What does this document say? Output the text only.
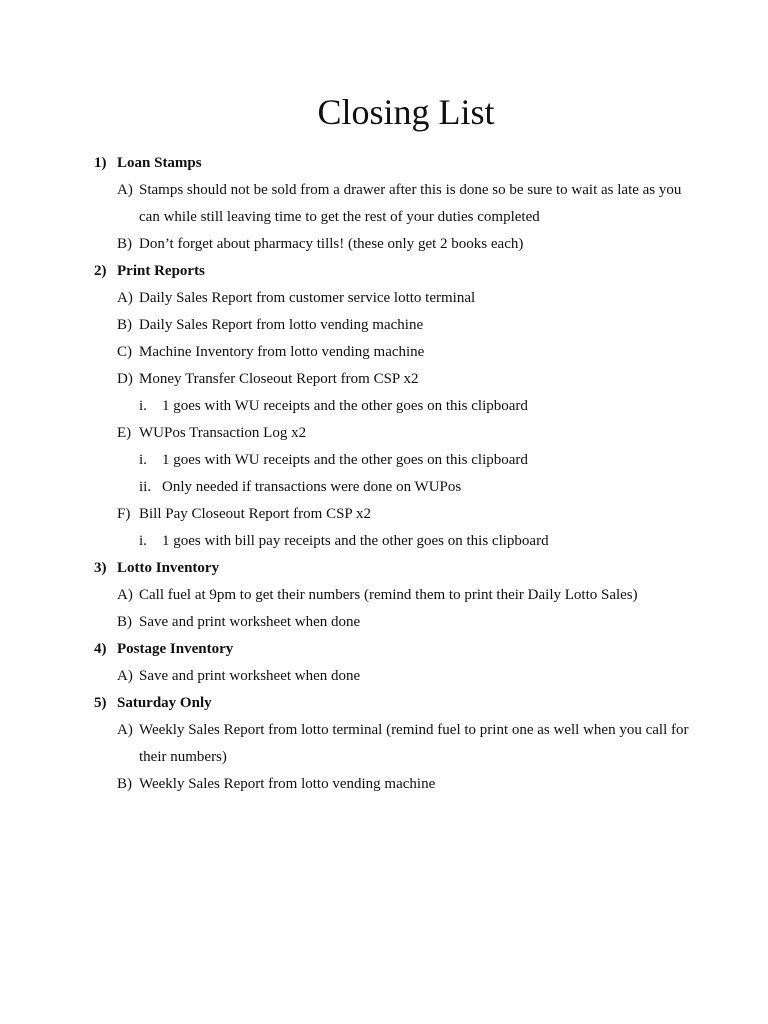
Closing List
1) Loan Stamps
A) Stamps should not be sold from a drawer after this is done so be sure to wait as late as you can while still leaving time to get the rest of your duties completed
B) Don’t forget about pharmacy tills! (these only get 2 books each)
2) Print Reports
A) Daily Sales Report from customer service lotto terminal
B) Daily Sales Report from lotto vending machine
C) Machine Inventory from lotto vending machine
D) Money Transfer Closeout Report from CSP x2
i.	1 goes with WU receipts and the other goes on this clipboard
E) WUPos Transaction Log x2
i.	1 goes with WU receipts and the other goes on this clipboard
ii. Only needed if transactions were done on WUPos
F) Bill Pay Closeout Report from CSP x2
i.	1 goes with bill pay receipts and the other goes on this clipboard
3) Lotto Inventory
A) Call fuel at 9pm to get their numbers (remind them to print their Daily Lotto Sales)
B) Save and print worksheet when done
4) Postage Inventory
A) Save and print worksheet when done
5) Saturday Only
A) Weekly Sales Report from lotto terminal (remind fuel to print one as well when you call for their numbers)
B) Weekly Sales Report from lotto vending machine
